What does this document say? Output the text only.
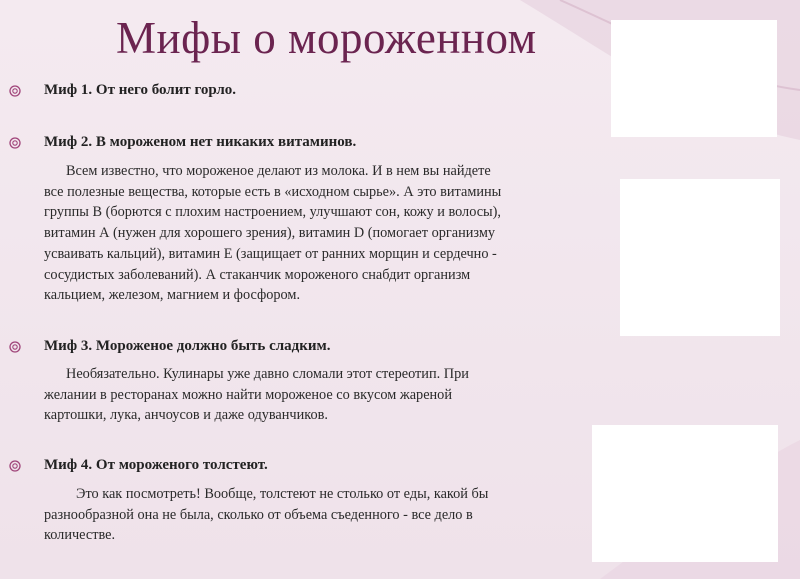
Мифы о мороженном
Миф 1. От него болит горло.
Миф 2. В мороженом нет никаких витаминов.
Всем известно, что мороженое делают из молока. И в нем вы найдете
все полезные вещества, которые есть в «исходном сырье». А это витамины
группы В (борются с плохим настроением, улучшают сон, кожу и волосы),
витамин А (нужен для хорошего зрения), витамин D (помогает организму
усваивать кальций), витамин Е (защищает от ранних морщин и сердечно -
сосудистых заболеваний). А стаканчик мороженого снабдит организм
кальцием, железом, магнием и фосфором.
Миф 3. Мороженое должно быть сладким.
Необязательно. Кулинары уже давно сломали этот стереотип. При
желании в ресторанах можно найти мороженое со вкусом жареной
картошки, лука, анчоусов и даже одуванчиков.
Миф 4. От мороженого толстеют.
Это как посмотреть! Вообще, толстеют не столько от еды, какой бы
разнообразной она не была, сколько от объема съеденного - все дело в
количестве.
